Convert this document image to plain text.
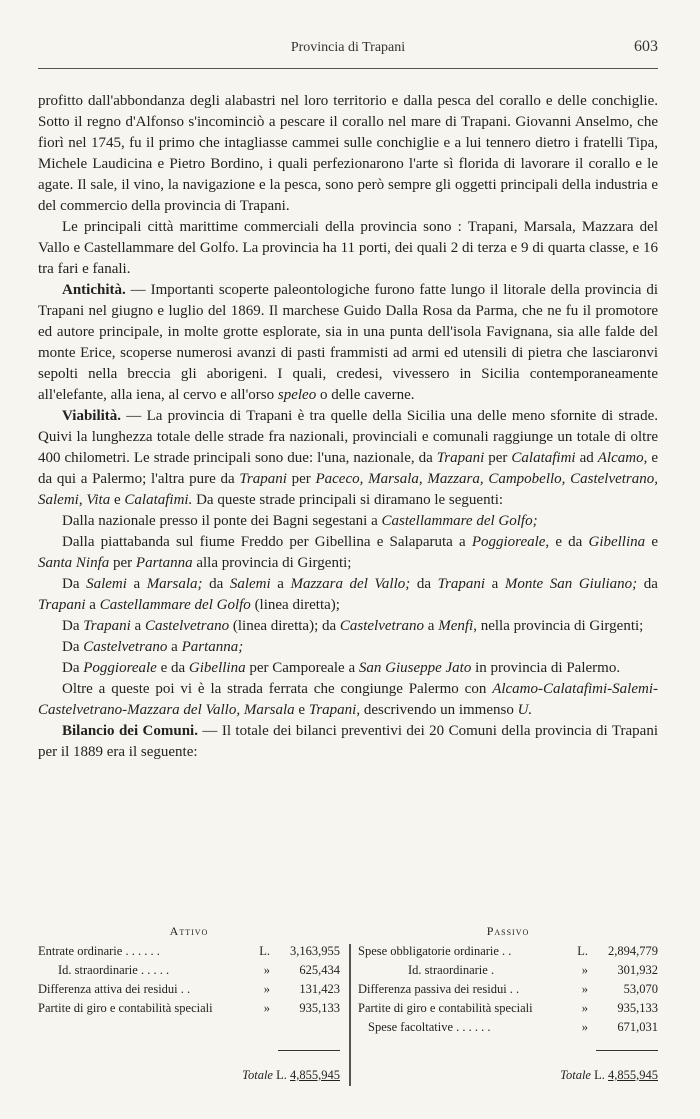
Provincia di Trapani	603

profitto dall'abbondanza degli alabastri nel loro territorio e dalla pesca del corallo e delle conchiglie. Sotto il regno d'Alfonso s'incominciò a pescare il corallo nel mare di Trapani. Giovanni Anselmo, che fiorì nel 1745, fu il primo che intagliasse cammei sulle conchiglie e a lui tennero dietro i fratelli Tipa, Michele Laudicina e Pietro Bordino, i quali perfezionarono l'arte sì florida di lavorare il corallo e le agate. Il sale, il vino, la navigazione e la pesca, sono però sempre gli oggetti principali della industria e del commercio della provincia di Trapani.

Le principali città marittime commerciali della provincia sono : Trapani, Marsala, Mazzara del Vallo e Castellammare del Golfo. La provincia ha 11 porti, dei quali 2 di terza e 9 di quarta classe, e 16 tra fari e fanali.

Antichità. — Importanti scoperte paleontologiche furono fatte lungo il litorale della provincia di Trapani nel giugno e luglio del 1869. Il marchese Guido Dalla Rosa da Parma, che ne fu il promotore ed autore principale, in molte grotte esplorate, sia in una punta dell'isola Favignana, sia alle falde del monte Erice, scoperse numerosi avanzi di pasti frammisti ad armi ed utensili di pietra che lasciaronvi sepolti nella breccia gli aborigeni. I quali, credesi, vivessero in Sicilia contemporaneamente all'elefante, alla iena, al cervo e all'orso speleo o delle caverne.

Viabilità. — La provincia di Trapani è tra quelle della Sicilia una delle meno sfornite di strade. Quivi la lunghezza totale delle strade fra nazionali, provinciali e comunali raggiunge un totale di oltre 400 chilometri. Le strade principali sono due: l'una, nazionale, da Trapani per Calatafimi ad Alcamo, e da qui a Palermo; l'altra pure da Trapani per Paceco, Marsala, Mazzara, Campobello, Castelvetrano, Salemi, Vita e Calatafimi. Da queste strade principali si diramano le seguenti:

Dalla nazionale presso il ponte dei Bagni segestani a Castellammare del Golfo;

Dalla piattabanda sul fiume Freddo per Gibellina e Salaparuta a Poggioreale, e da Gibellina e Santa Ninfa per Partanna alla provincia di Girgenti;

Da Salemi a Marsala; da Salemi a Mazzara del Vallo; da Trapani a Monte San Giuliano; da Trapani a Castellammare del Golfo (linea diretta);

Da Trapani a Castelvetrano (linea diretta); da Castelvetrano a Menfi, nella provincia di Girgenti;

Da Castelvetrano a Partanna;

Da Poggioreale e da Gibellina per Camporeale a San Giuseppe Jato in provincia di Palermo.

Oltre a queste poi vi è la strada ferrata che congiunge Palermo con Alcamo-Calatafimi-Salemi-Castelvetrano-Mazzara del Vallo, Marsala e Trapani, descrivendo un immenso U.

Bilancio dei Comuni. — Il totale dei bilanci preventivi dei 20 Comuni della provincia di Trapani per il 1889 era il seguente:

Attivo
Entrate ordinarie . . . . . .	L. 3,163,955
Id. straordinarie . . . . .	» 625,434
Differenza attiva dei residui . .	» 131,423
Partite di giro e contabilità speciali	» 935,133
Totale L. 4,855,945
Passivo
Spese obbligatorie ordinarie . .	L. 2,894,779
Id. straordinarie .	» 301,932
Differenza passiva dei residui . .	»	53,070
Partite di giro e contabilità speciali	» 935,133
Spese facoltative . . . . . .	» 671,031
Totale L. 4,855,945
